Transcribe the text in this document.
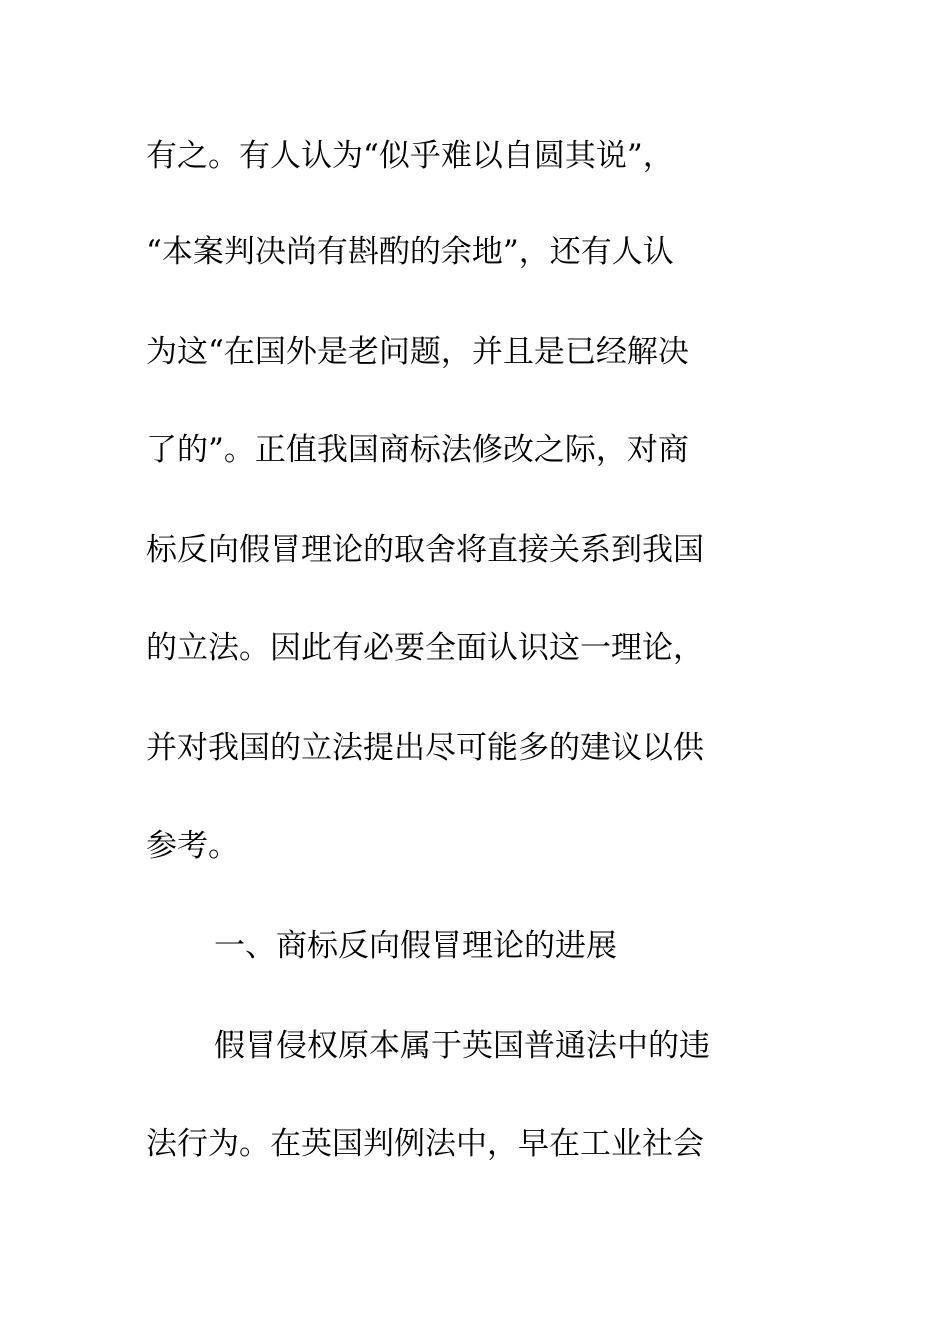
有之。有人认为“似乎难以自圆其说”，
“本案判决尚有斟酌的余地”，还有人认
为这“在国外是老问题，并且是已经解决
了的”。正值我国商标法修改之际，对商
标反向假冒理论的取舍将直接关系到我国
的立法。因此有必要全面认识这一理论，
并对我国的立法提出尽可能多的建议以供
参考。
一、商标反向假冒理论的进展
假冒侵权原本属于英国普通法中的违
法行为。在英国判例法中，早在工业社会
